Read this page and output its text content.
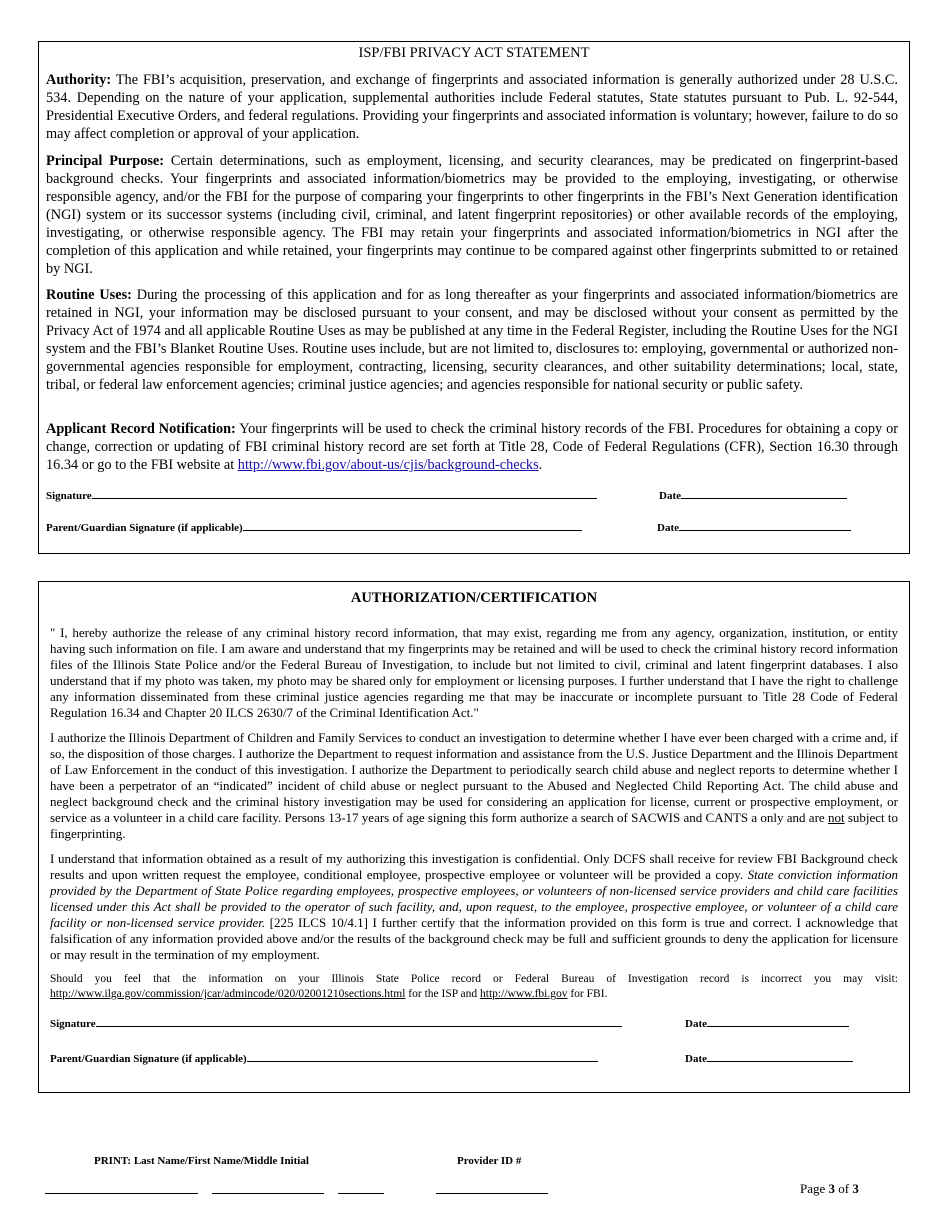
ISP/FBI PRIVACY ACT STATEMENT

Authority: The FBI’s acquisition, preservation, and exchange of fingerprints and associated information is generally authorized under 28 U.S.C. 534. Depending on the nature of your application, supplemental authorities include Federal statutes, State statutes pursuant to Pub. L. 92-544, Presidential Executive Orders, and federal regulations. Providing your fingerprints and associated information is voluntary; however, failure to do so may affect completion or approval of your application.

Principal Purpose: Certain determinations, such as employment, licensing, and security clearances, may be predicated on fingerprint-based background checks. Your fingerprints and associated information/biometrics may be provided to the employing, investigating, or otherwise responsible agency, and/or the FBI for the purpose of comparing your fingerprints to other fingerprints in the FBI’s Next Generation identification (NGI) system or its successor systems (including civil, criminal, and latent fingerprint repositories) or other available records of the employing, investigating, or otherwise responsible agency. The FBI may retain your fingerprints and associated information/biometrics in NGI after the completion of this application and while retained, your fingerprints may continue to be compared against other fingerprints submitted to or retained by NGI.

Routine Uses: During the processing of this application and for as long thereafter as your fingerprints and associated information/biometrics are retained in NGI, your information may be disclosed pursuant to your consent, and may be disclosed without your consent as permitted by the Privacy Act of 1974 and all applicable Routine Uses as may be published at any time in the Federal Register, including the Routine Uses for the NGI system and the FBI’s Blanket Routine Uses. Routine uses include, but are not limited to, disclosures to: employing, governmental or authorized non-governmental agencies responsible for employment, contracting, licensing, security clearances, and other suitability determinations; local, state, tribal, or federal law enforcement agencies; criminal justice agencies; and agencies responsible for national security or public safety.

Applicant Record Notification: Your fingerprints will be used to check the criminal history records of the FBI. Procedures for obtaining a copy or change, correction or updating of FBI criminal history record are set forth at Title 28, Code of Federal Regulations (CFR), Section 16.30 through 16.34 or go to the FBI website at http://www.fbi.gov/about-us/cjis/background-checks.

Signature	Date
Parent/Guardian Signature (if applicable)	Date
AUTHORIZATION/CERTIFICATION

" I, hereby authorize the release of any criminal history record information, that may exist, regarding me from any agency, organization, institution, or entity having such information on file. I am aware and understand that my fingerprints may be retained and will be used to check the criminal history record information files of the Illinois State Police and/or the Federal Bureau of Investigation, to include but not limited to civil, criminal and latent fingerprint databases. I also understand that if my photo was taken, my photo may be shared only for employment or licensing purposes. I further understand that I have the right to challenge any information disseminated from these criminal justice agencies regarding me that may be inaccurate or incomplete pursuant to Title 28 Code of Federal Regulation 16.34 and Chapter 20 ILCS 2630/7 of the Criminal Identification Act."

I authorize the Illinois Department of Children and Family Services to conduct an investigation to determine whether I have ever been charged with a crime and, if so, the disposition of those charges. I authorize the Department to request information and assistance from the U.S. Justice Department and the Illinois Department of Law Enforcement in the conduct of this investigation. I authorize the Department to periodically search child abuse and neglect reports to determine whether I have been a perpetrator of an “indicated” incident of child abuse or neglect pursuant to the Abused and Neglected Child Reporting Act. The child abuse and neglect background check and the criminal history investigation may be used for considering an application for license, current or prospective employment, or service as a volunteer in a child care facility. Persons 13-17 years of age signing this form authorize a search of SACWIS and CANTS a only and are not subject to fingerprinting.

I understand that information obtained as a result of my authorizing this investigation is confidential. Only DCFS shall receive for review FBI Background check results and upon written request the employee, conditional employee, prospective employee or volunteer will be provided a copy. State conviction information provided by the Department of State Police regarding employees, prospective employees, or volunteers of non-licensed service providers and child care facilities licensed under this Act shall be provided to the operator of such facility, and, upon request, to the employee, prospective employee, or volunteer of a child care facility or non-licensed service provider. [225 ILCS 10/4.1] I further certify that the information provided on this form is true and correct. I acknowledge that falsification of any information provided above and/or the results of the background check may be full and sufficient grounds to deny the application for licensure or may result in the termination of my employment.

Should you feel that the information on your Illinois State Police record or Federal Bureau of Investigation record is incorrect you may visit: http://www.ilga.gov/commission/jcar/admincode/020/02001210sections.html for the ISP and http://www.fbi.gov for FBI.

Signature	Date
Parent/Guardian Signature (if applicable)	Date
PRINT: Last Name/First Name/Middle Initial	Provider ID #
Page 3 of 3
